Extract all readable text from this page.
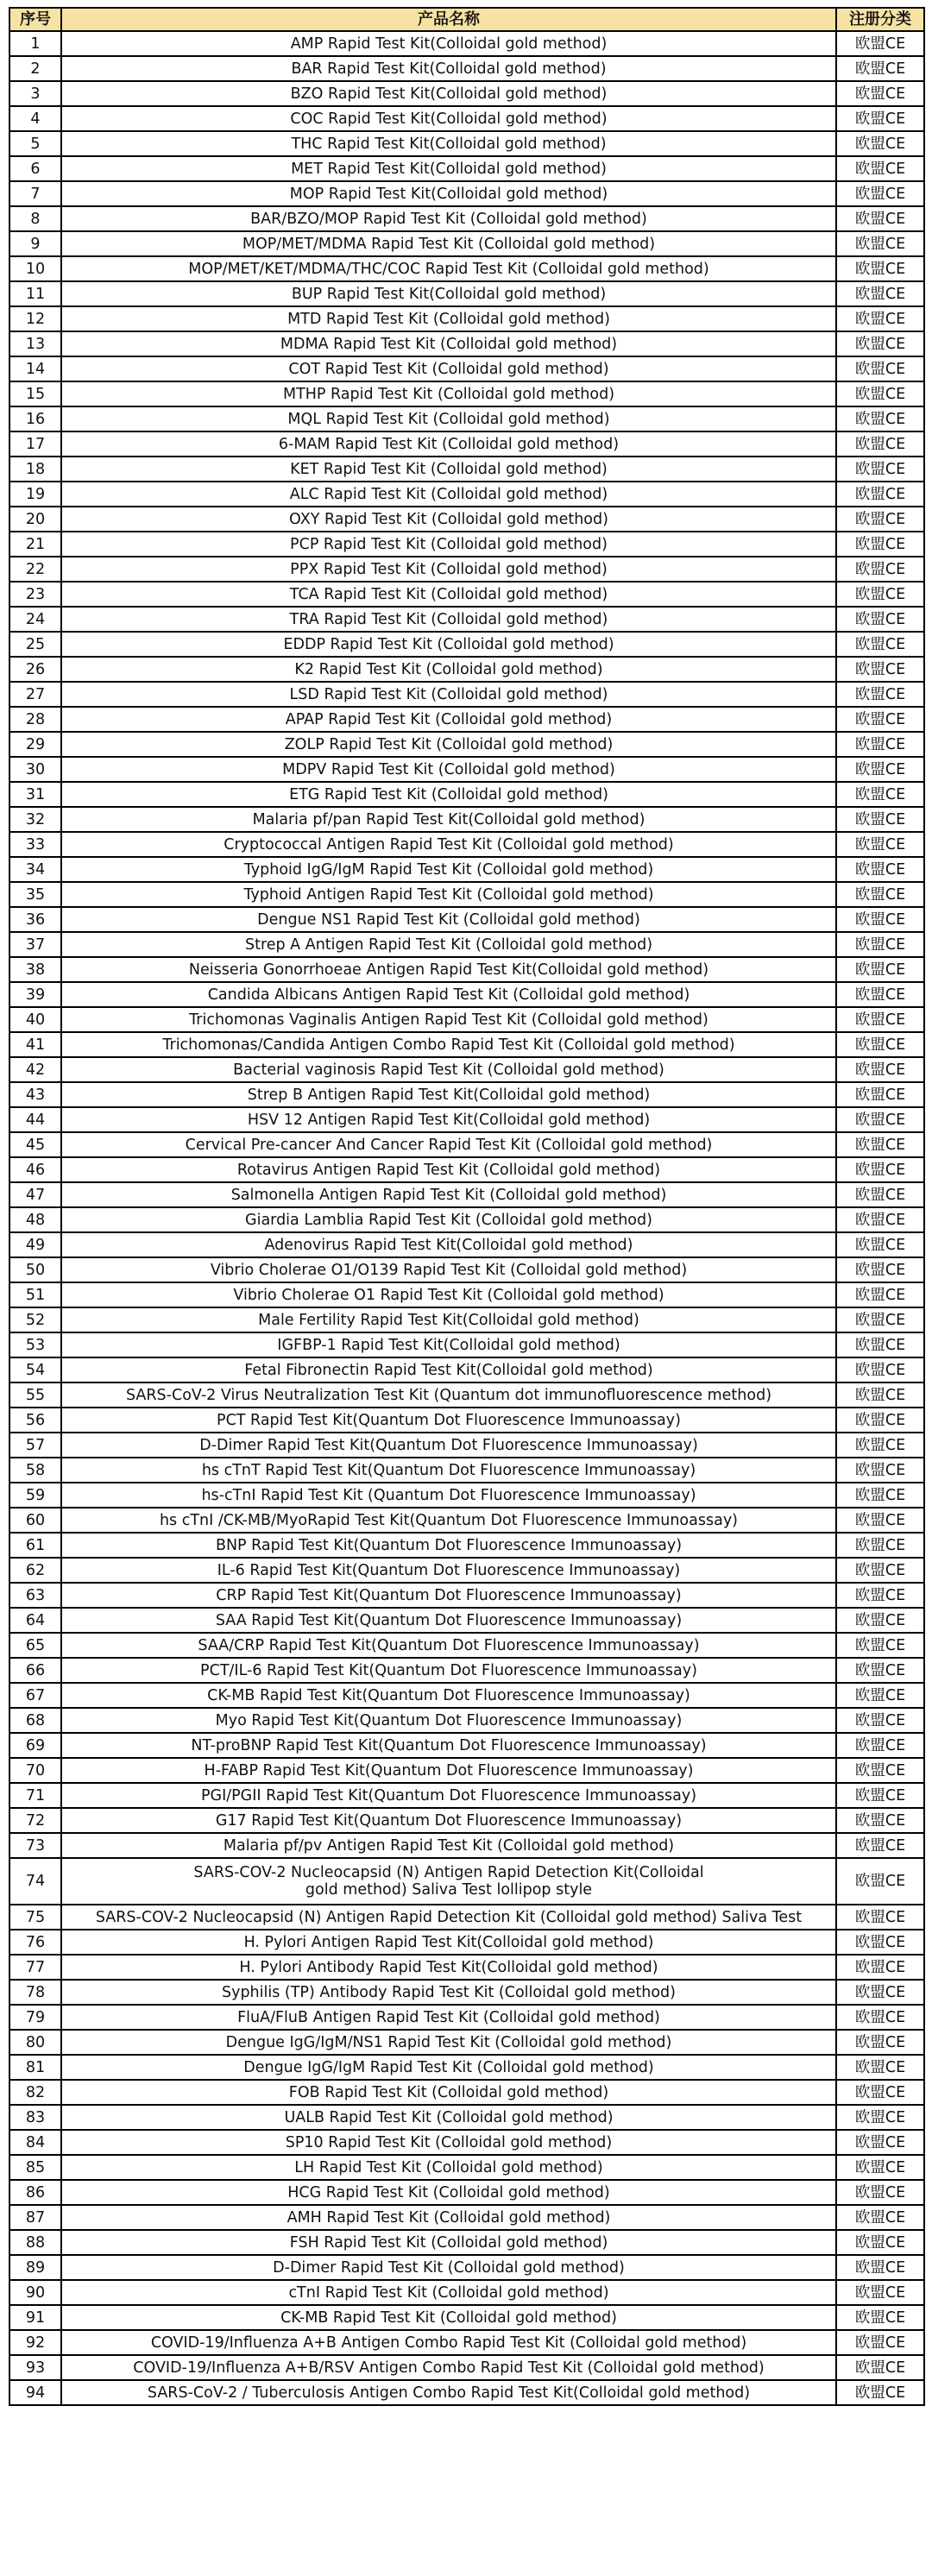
序号	产品名称	注册分类
1	AMP Rapid Test Kit(Colloidal gold method)	欧盟CE
2	BAR Rapid Test Kit(Colloidal gold method)	欧盟CE
3	BZO Rapid Test Kit(Colloidal gold method)	欧盟CE
4	COC Rapid Test Kit(Colloidal gold method)	欧盟CE
5	THC Rapid Test Kit(Colloidal gold method)	欧盟CE
6	MET Rapid Test Kit(Colloidal gold method)	欧盟CE
7	MOP Rapid Test Kit(Colloidal gold method)	欧盟CE
8	BAR/BZO/MOP Rapid Test Kit (Colloidal gold method)	欧盟CE
9	MOP/MET/MDMA Rapid Test Kit (Colloidal gold method)	欧盟CE
10	MOP/MET/KET/MDMA/THC/COC Rapid Test Kit (Colloidal gold method)	欧盟CE
11	BUP Rapid Test Kit(Colloidal gold method)	欧盟CE
12	MTD Rapid Test Kit (Colloidal gold method)	欧盟CE
13	MDMA Rapid Test Kit (Colloidal gold method)	欧盟CE
14	COT Rapid Test Kit (Colloidal gold method)	欧盟CE
15	MTHP Rapid Test Kit (Colloidal gold method)	欧盟CE
16	MQL Rapid Test Kit (Colloidal gold method)	欧盟CE
17	6-MAM Rapid Test Kit (Colloidal gold method)	欧盟CE
18	KET Rapid Test Kit (Colloidal gold method)	欧盟CE
19	ALC Rapid Test Kit (Colloidal gold method)	欧盟CE
20	OXY Rapid Test Kit (Colloidal gold method)	欧盟CE
21	PCP Rapid Test Kit (Colloidal gold method)	欧盟CE
22	PPX Rapid Test Kit (Colloidal gold method)	欧盟CE
23	TCA Rapid Test Kit (Colloidal gold method)	欧盟CE
24	TRA Rapid Test Kit (Colloidal gold method)	欧盟CE
25	EDDP Rapid Test Kit (Colloidal gold method)	欧盟CE
26	K2 Rapid Test Kit (Colloidal gold method)	欧盟CE
27	LSD Rapid Test Kit (Colloidal gold method)	欧盟CE
28	APAP Rapid Test Kit (Colloidal gold method)	欧盟CE
29	ZOLP Rapid Test Kit (Colloidal gold method)	欧盟CE
30	MDPV Rapid Test Kit (Colloidal gold method)	欧盟CE
31	ETG Rapid Test Kit (Colloidal gold method)	欧盟CE
32	Malaria pf/pan Rapid Test Kit(Colloidal gold method)	欧盟CE
33	Cryptococcal Antigen Rapid Test Kit (Colloidal gold method)	欧盟CE
34	Typhoid IgG/IgM Rapid Test Kit (Colloidal gold method)	欧盟CE
35	Typhoid Antigen Rapid Test Kit (Colloidal gold method)	欧盟CE
36	Dengue NS1 Rapid Test Kit (Colloidal gold method)	欧盟CE
37	Strep A Antigen Rapid Test Kit (Colloidal gold method)	欧盟CE
38	Neisseria Gonorrhoeae Antigen Rapid Test Kit(Colloidal gold method)	欧盟CE
39	Candida Albicans Antigen Rapid Test Kit (Colloidal gold method)	欧盟CE
40	Trichomonas Vaginalis Antigen Rapid Test Kit (Colloidal gold method)	欧盟CE
41	Trichomonas/Candida Antigen Combo Rapid Test Kit (Colloidal gold method)	欧盟CE
42	Bacterial vaginosis Rapid Test Kit (Colloidal gold method)	欧盟CE
43	Strep B Antigen Rapid Test Kit(Colloidal gold method)	欧盟CE
44	HSV 12 Antigen Rapid Test Kit(Colloidal gold method)	欧盟CE
45	Cervical Pre-cancer And Cancer Rapid Test Kit (Colloidal gold method)	欧盟CE
46	Rotavirus Antigen Rapid Test Kit (Colloidal gold method)	欧盟CE
47	Salmonella Antigen Rapid Test Kit (Colloidal gold method)	欧盟CE
48	Giardia Lamblia Rapid Test Kit (Colloidal gold method)	欧盟CE
49	Adenovirus Rapid Test Kit(Colloidal gold method)	欧盟CE
50	Vibrio Cholerae O1/O139 Rapid Test Kit (Colloidal gold method)	欧盟CE
51	Vibrio Cholerae O1 Rapid Test Kit (Colloidal gold method)	欧盟CE
52	Male Fertility Rapid Test Kit(Colloidal gold method)	欧盟CE
53	IGFBP-1 Rapid Test Kit(Colloidal gold method)	欧盟CE
54	Fetal Fibronectin Rapid Test Kit(Colloidal gold method)	欧盟CE
55	SARS-CoV-2 Virus Neutralization Test Kit (Quantum dot immunofluorescence method)	欧盟CE
56	PCT Rapid Test Kit(Quantum Dot Fluorescence Immunoassay)	欧盟CE
57	D-Dimer Rapid Test Kit(Quantum Dot Fluorescence Immunoassay)	欧盟CE
58	hs cTnT Rapid Test Kit(Quantum Dot Fluorescence Immunoassay)	欧盟CE
59	hs-cTnI Rapid Test Kit (Quantum Dot Fluorescence Immunoassay)	欧盟CE
60	hs cTnI /CK-MB/MyoRapid Test Kit(Quantum Dot Fluorescence Immunoassay)	欧盟CE
61	BNP Rapid Test Kit(Quantum Dot Fluorescence Immunoassay)	欧盟CE
62	IL-6 Rapid Test Kit(Quantum Dot Fluorescence Immunoassay)	欧盟CE
63	CRP Rapid Test Kit(Quantum Dot Fluorescence Immunoassay)	欧盟CE
64	SAA Rapid Test Kit(Quantum Dot Fluorescence Immunoassay)	欧盟CE
65	SAA/CRP Rapid Test Kit(Quantum Dot Fluorescence Immunoassay)	欧盟CE
66	PCT/IL-6 Rapid Test Kit(Quantum Dot Fluorescence Immunoassay)	欧盟CE
67	CK-MB Rapid Test Kit(Quantum Dot Fluorescence Immunoassay)	欧盟CE
68	Myo Rapid Test Kit(Quantum Dot Fluorescence Immunoassay)	欧盟CE
69	NT-proBNP Rapid Test Kit(Quantum Dot Fluorescence Immunoassay)	欧盟CE
70	H-FABP Rapid Test Kit(Quantum Dot Fluorescence Immunoassay)	欧盟CE
71	PGI/PGII Rapid Test Kit(Quantum Dot Fluorescence Immunoassay)	欧盟CE
72	G17 Rapid Test Kit(Quantum Dot Fluorescence Immunoassay)	欧盟CE
73	Malaria pf/pv Antigen Rapid Test Kit (Colloidal gold method)	欧盟CE
74	SARS-COV-2 Nucleocapsid (N) Antigen Rapid Detection Kit(Colloidal gold method) Saliva Test lollipop style	欧盟CE
75	SARS-COV-2 Nucleocapsid (N) Antigen Rapid Detection Kit (Colloidal gold method) Saliva Test	欧盟CE
76	H. Pylori Antigen Rapid Test Kit(Colloidal gold method)	欧盟CE
77	H. Pylori Antibody Rapid Test Kit(Colloidal gold method)	欧盟CE
78	Syphilis (TP) Antibody Rapid Test Kit (Colloidal gold method)	欧盟CE
79	FluA/FluB Antigen Rapid Test Kit (Colloidal gold method)	欧盟CE
80	Dengue IgG/IgM/NS1 Rapid Test Kit (Colloidal gold method)	欧盟CE
81	Dengue IgG/IgM Rapid Test Kit (Colloidal gold method)	欧盟CE
82	FOB Rapid Test Kit (Colloidal gold method)	欧盟CE
83	UALB Rapid Test Kit (Colloidal gold method)	欧盟CE
84	SP10 Rapid Test Kit (Colloidal gold method)	欧盟CE
85	LH Rapid Test Kit (Colloidal gold method)	欧盟CE
86	HCG Rapid Test Kit (Colloidal gold method)	欧盟CE
87	AMH Rapid Test Kit (Colloidal gold method)	欧盟CE
88	FSH Rapid Test Kit (Colloidal gold method)	欧盟CE
89	D-Dimer Rapid Test Kit (Colloidal gold method)	欧盟CE
90	cTnI Rapid Test Kit (Colloidal gold method)	欧盟CE
91	CK-MB Rapid Test Kit (Colloidal gold method)	欧盟CE
92	COVID-19/Influenza A+B Antigen Combo Rapid Test Kit (Colloidal gold method)	欧盟CE
93	COVID-19/Influenza A+B/RSV Antigen Combo Rapid Test Kit (Colloidal gold method)	欧盟CE
94	SARS-CoV-2 / Tuberculosis Antigen Combo Rapid Test Kit(Colloidal gold method)	欧盟CE
